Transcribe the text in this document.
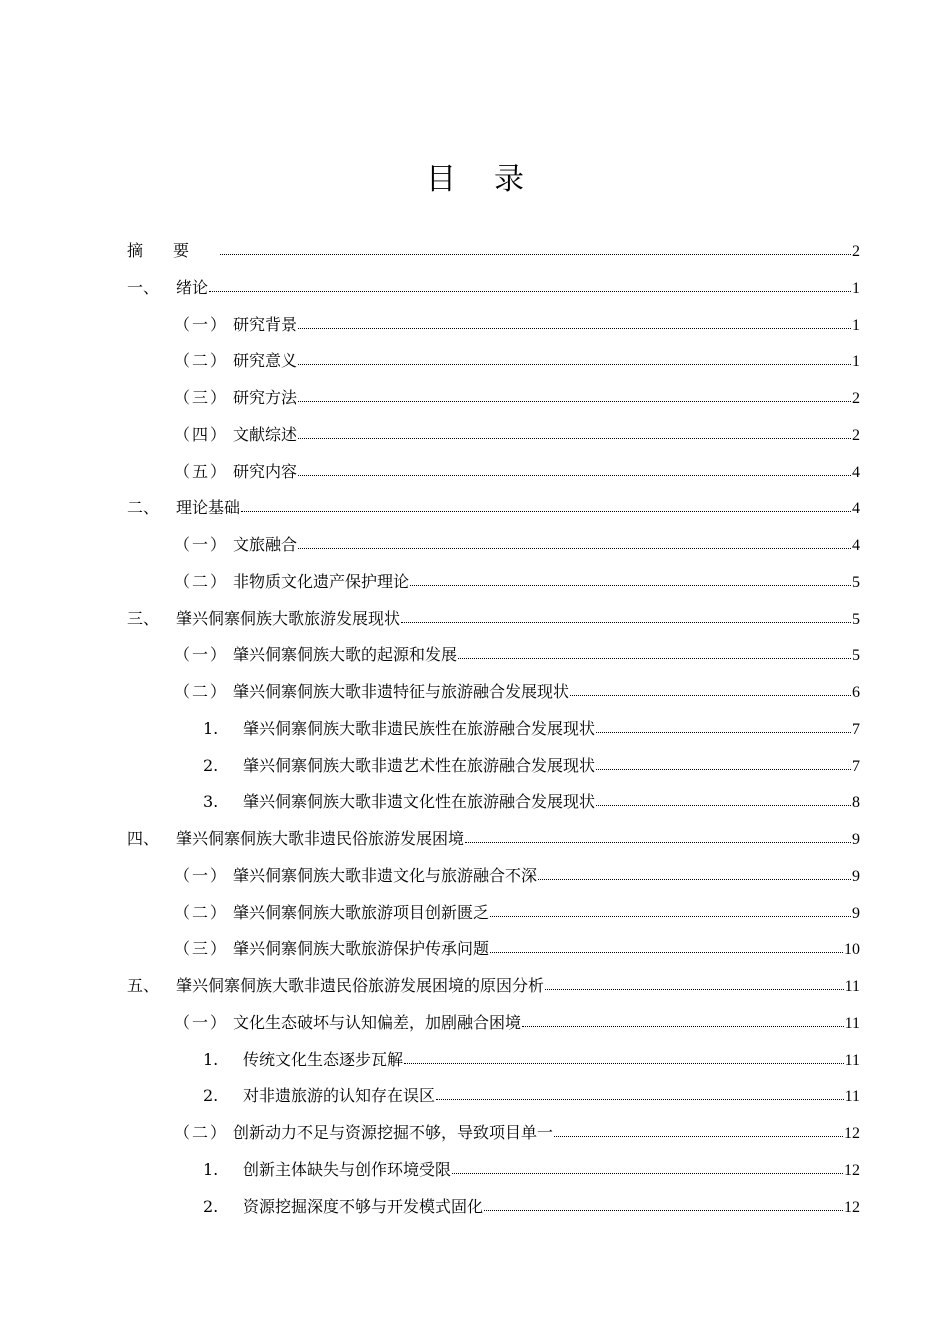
目录
摘要	2
一、	绪论	1
（一） 研究背景	1
（二） 研究意义	1
（三） 研究方法	2
（四） 文献综述	2
（五） 研究内容	4
二、	理论基础	4
（一） 文旅融合	4
（二） 非物质文化遗产保护理论	5
三、	肇兴侗寨侗族大歌旅游发展现状	5
（一） 肇兴侗寨侗族大歌的起源和发展	5
（二） 肇兴侗寨侗族大歌非遗特征与旅游融合发展现状	6
1.	肇兴侗寨侗族大歌非遗民族性在旅游融合发展现状	7
2.	肇兴侗寨侗族大歌非遗艺术性在旅游融合发展现状	7
3.	肇兴侗寨侗族大歌非遗文化性在旅游融合发展现状	8
四、	肇兴侗寨侗族大歌非遗民俗旅游发展困境	9
（一） 肇兴侗寨侗族大歌非遗文化与旅游融合不深	9
（二） 肇兴侗寨侗族大歌旅游项目创新匮乏	9
（三） 肇兴侗寨侗族大歌旅游保护传承问题	10
五、	肇兴侗寨侗族大歌非遗民俗旅游发展困境的原因分析	11
（一） 文化生态破坏与认知偏差，加剧融合困境	11
1.	传统文化生态逐步瓦解	11
2.	对非遗旅游的认知存在误区	11
（二） 创新动力不足与资源挖掘不够，导致项目单一	12
1.	创新主体缺失与创作环境受限	12
2.	资源挖掘深度不够与开发模式固化	12
